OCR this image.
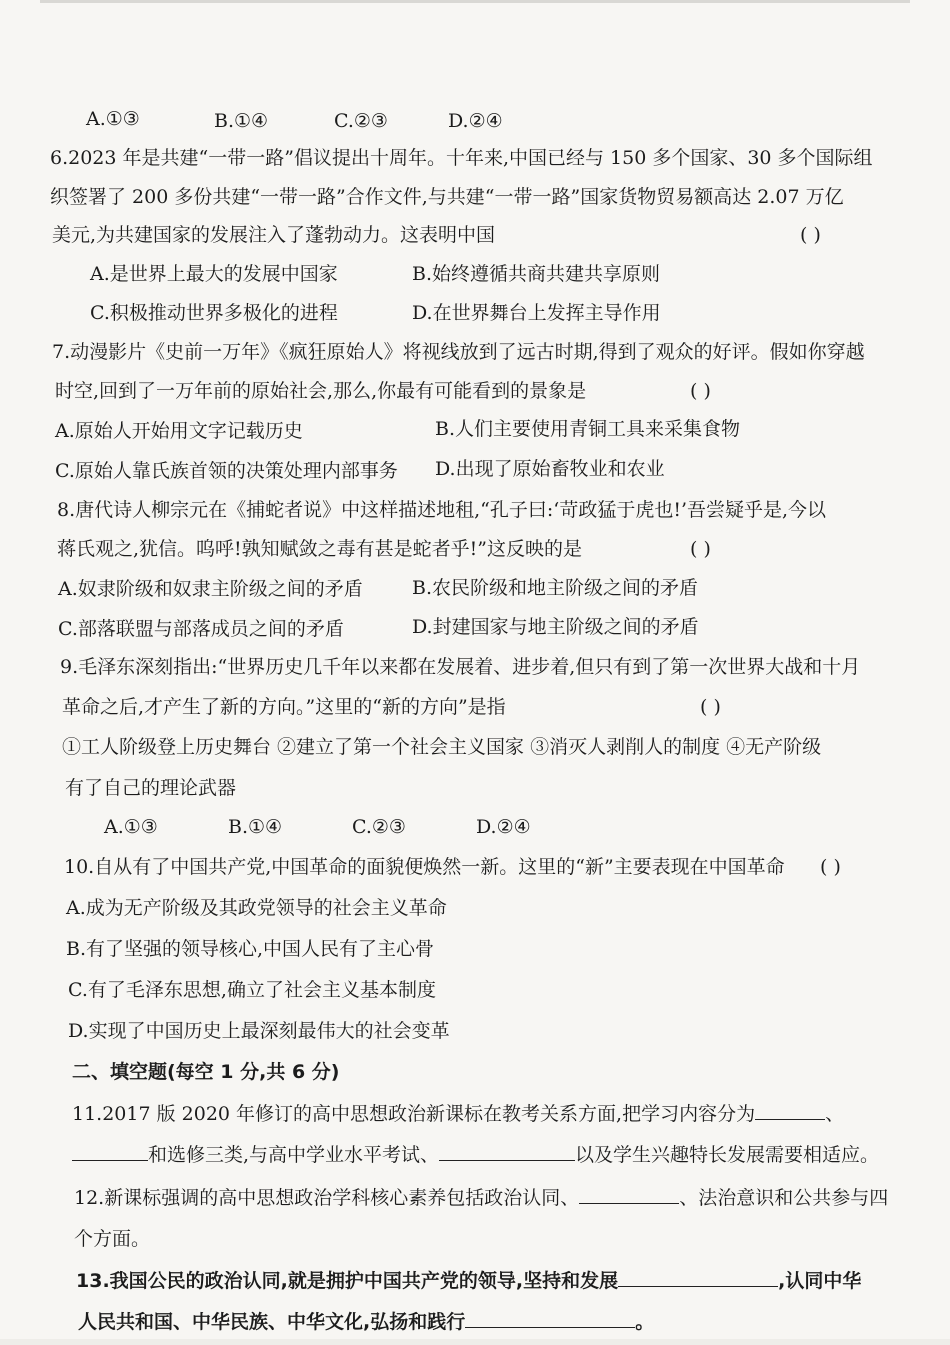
A.①③	B.①④	C.②③	D.②④
6.2023 年是共建“一带一路”倡议提出十周年。十年来,中国已经与 150 多个国家、30 多个国际组
织签署了 200 多份共建“一带一路”合作文件,与共建“一带一路”国家货物贸易额高达 2.07 万亿
美元,为共建国家的发展注入了蓬勃动力。这表明中国	( )
A.是世界上最大的发展中国家	B.始终遵循共商共建共享原则
C.积极推动世界多极化的进程	D.在世界舞台上发挥主导作用
7.动漫影片《史前一万年》《疯狂原始人》将视线放到了远古时期,得到了观众的好评。假如你穿越
时空,回到了一万年前的原始社会,那么,你最有可能看到的景象是	( )
A.原始人开始用文字记载历史	B.人们主要使用青铜工具来采集食物
C.原始人靠氏族首领的决策处理内部事务 D.出现了原始畜牧业和农业
8.唐代诗人柳宗元在《捕蛇者说》中这样描述地租,“孔子曰:‘苛政猛于虎也!’吾尝疑乎是,今以
蒋氏观之,犹信。呜呼!孰知赋敛之毒有甚是蛇者乎!”这反映的是	( )
A.奴隶阶级和奴隶主阶级之间的矛盾	B.农民阶级和地主阶级之间的矛盾
C.部落联盟与部落成员之间的矛盾	D.封建国家与地主阶级之间的矛盾
9.毛泽东深刻指出:“世界历史几千年以来都在发展着、进步着,但只有到了第一次世界大战和十月
革命之后,才产生了新的方向。”这里的“新的方向”是指	( )
①工人阶级登上历史舞台 ②建立了第一个社会主义国家 ③消灭人剥削人的制度 ④无产阶级
有了自己的理论武器
A.①③	B.①④	C.②③	D.②④
10.自从有了中国共产党,中国革命的面貌便焕然一新。这里的“新”主要表现在中国革命 ( )
A.成为无产阶级及其政党领导的社会主义革命
B.有了坚强的领导核心,中国人民有了主心骨
C.有了毛泽东思想,确立了社会主义基本制度
D.实现了中国历史上最深刻最伟大的社会变革
二、填空题(每空 1 分,共 6 分)
11.2017 版 2020 年修订的高中思想政治新课标在教考关系方面,把学习内容分为	、
和选修三类,与高中学业水平考试、	以及学生兴趣特长发展需要相适应。
12.新课标强调的高中思想政治学科核心素养包括政治认同、	、法治意识和公共参与四
个方面。
13.我国公民的政治认同,就是拥护中国共产党的领导,坚持和发展	,认同中华
人民共和国、中华民族、中华文化,弘扬和践行	。
